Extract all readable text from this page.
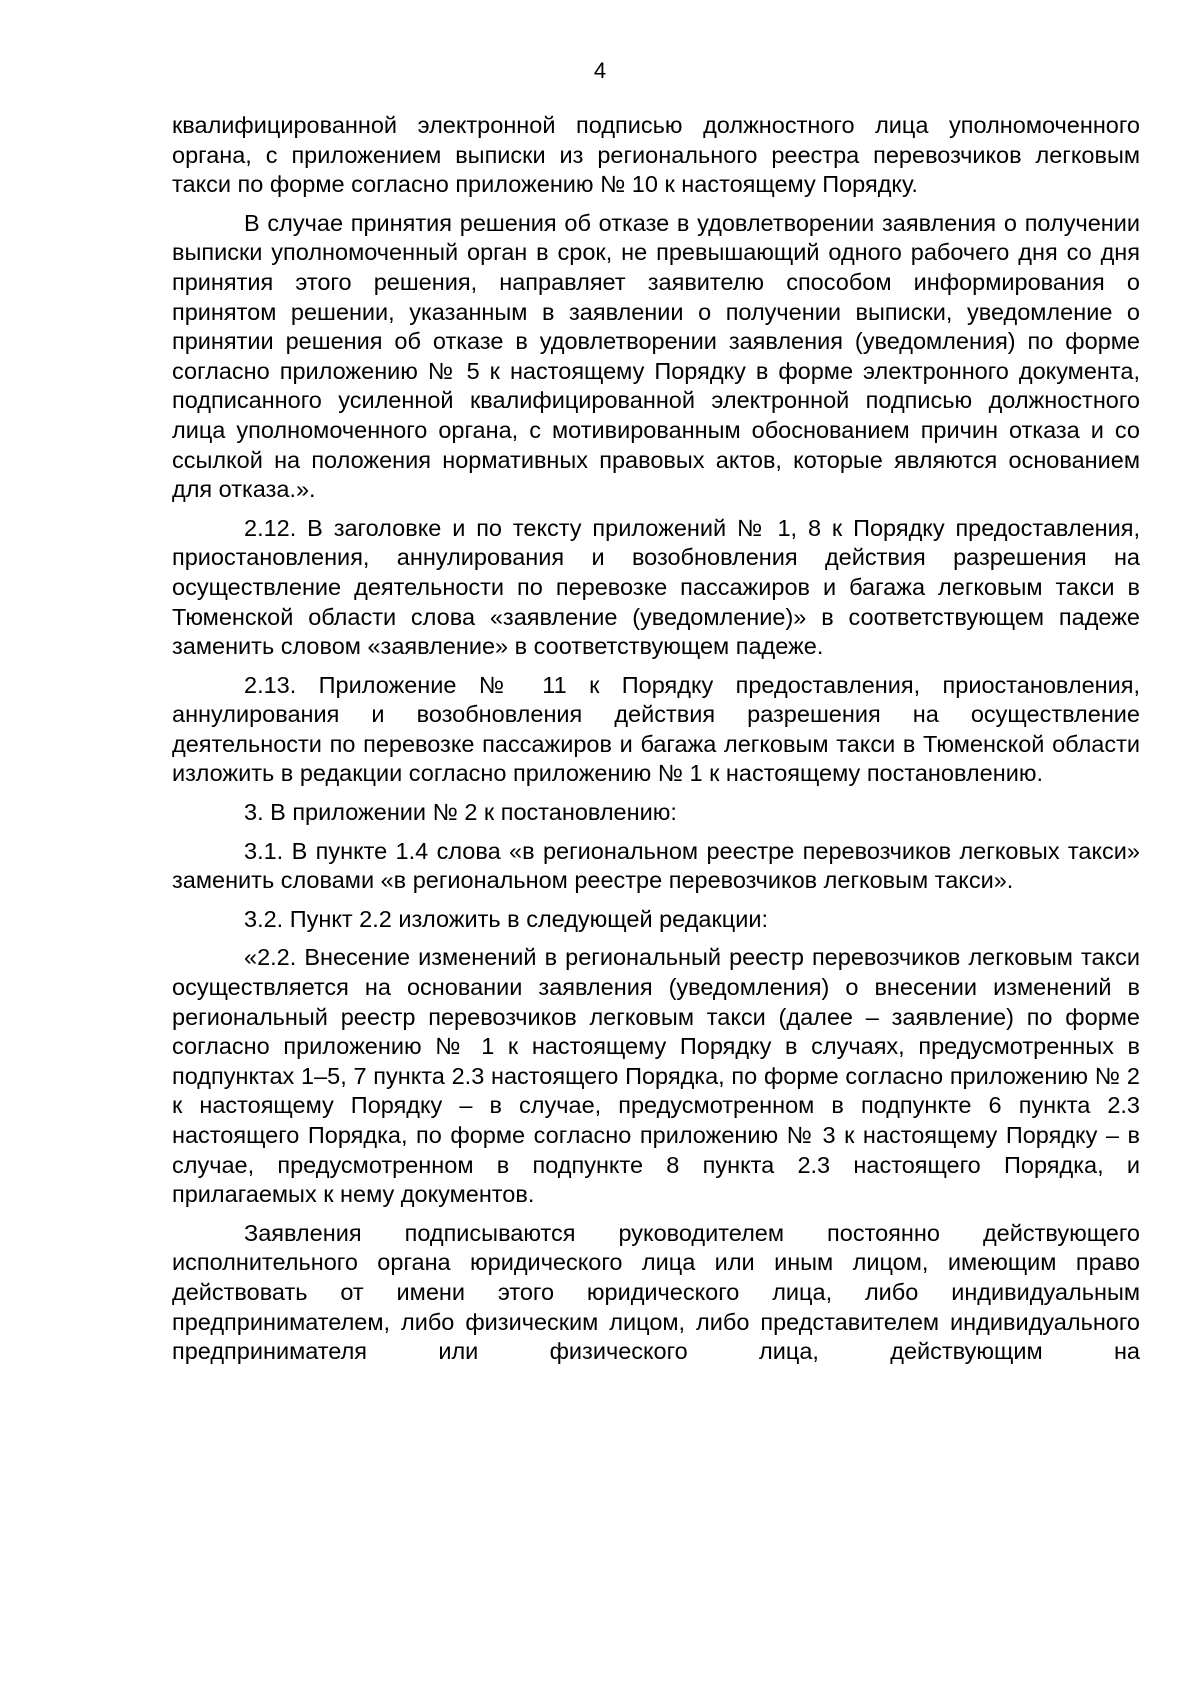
4

квалифицированной электронной подписью должностного лица уполномоченного органа, с приложением выписки из регионального реестра перевозчиков легковым такси по форме согласно приложению № 10 к настоящему Порядку.

В случае принятия решения об отказе в удовлетворении заявления о получении выписки уполномоченный орган в срок, не превышающий одного рабочего дня со дня принятия этого решения, направляет заявителю способом информирования о принятом решении, указанным в заявлении о получении выписки, уведомление о принятии решения об отказе в удовлетворении заявления (уведомления) по форме согласно приложению № 5 к настоящему Порядку в форме электронного документа, подписанного усиленной квалифицированной электронной подписью должностного лица уполномоченного органа, с мотивированным обоснованием причин отказа и со ссылкой на положения нормативных правовых актов, которые являются основанием для отказа.».

2.12. В заголовке и по тексту приложений № 1, 8 к Порядку предоставления, приостановления, аннулирования и возобновления действия разрешения на осуществление деятельности по перевозке пассажиров и багажа легковым такси в Тюменской области слова «заявление (уведомление)» в соответствующем падеже заменить словом «заявление» в соответствующем падеже.

2.13. Приложение № 11 к Порядку предоставления, приостановления, аннулирования и возобновления действия разрешения на осуществление деятельности по перевозке пассажиров и багажа легковым такси в Тюменской области изложить в редакции согласно приложению № 1 к настоящему постановлению.

3. В приложении № 2 к постановлению:

3.1. В пункте 1.4 слова «в региональном реестре перевозчиков легковых такси» заменить словами «в региональном реестре перевозчиков легковым такси».

3.2. Пункт 2.2 изложить в следующей редакции:

«2.2. Внесение изменений в региональный реестр перевозчиков легковым такси осуществляется на основании заявления (уведомления) о внесении изменений в региональный реестр перевозчиков легковым такси (далее – заявление) по форме согласно приложению № 1 к настоящему Порядку в случаях, предусмотренных в подпунктах 1–5, 7 пункта 2.3 настоящего Порядка, по форме согласно приложению № 2 к настоящему Порядку – в случае, предусмотренном в подпункте 6 пункта 2.3 настоящего Порядка, по форме согласно приложению № 3 к настоящему Порядку – в случае, предусмотренном в подпункте 8 пункта 2.3 настоящего Порядка, и прилагаемых к нему документов.

Заявления подписываются руководителем постоянно действующего исполнительного органа юридического лица или иным лицом, имеющим право действовать от имени этого юридического лица, либо индивидуальным предпринимателем, либо физическим лицом, либо представителем индивидуального предпринимателя или физического лица, действующим на
